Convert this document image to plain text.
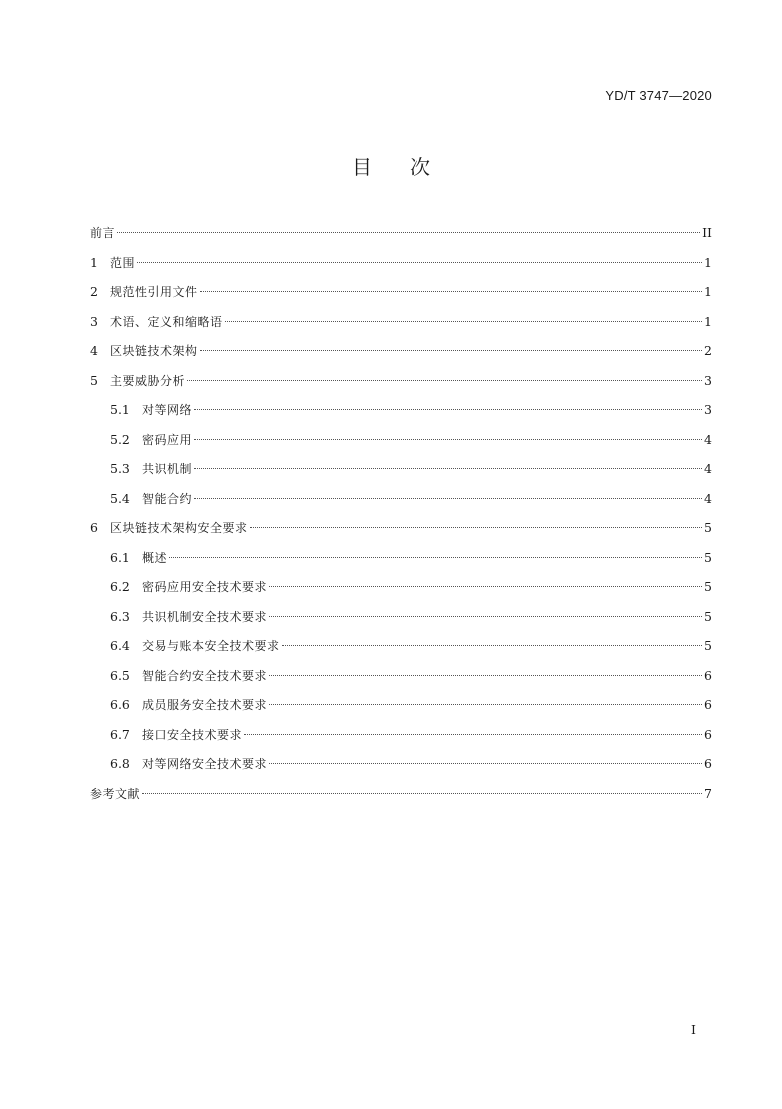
YD/T 3747—2020
目次
前言	II
1	范围	1
2	规范性引用文件	1
3	术语、定义和缩略语	1
4	区块链技术架构	2
5	主要威胁分析	3
5.1	对等网络	3
5.2	密码应用	4
5.3	共识机制	4
5.4	智能合约	4
6	区块链技术架构安全要求	5
6.1	概述	5
6.2	密码应用安全技术要求	5
6.3	共识机制安全技术要求	5
6.4	交易与账本安全技术要求	5
6.5	智能合约安全技术要求	6
6.6	成员服务安全技术要求	6
6.7	接口安全技术要求	6
6.8	对等网络安全技术要求	6
参考文献	7
I
